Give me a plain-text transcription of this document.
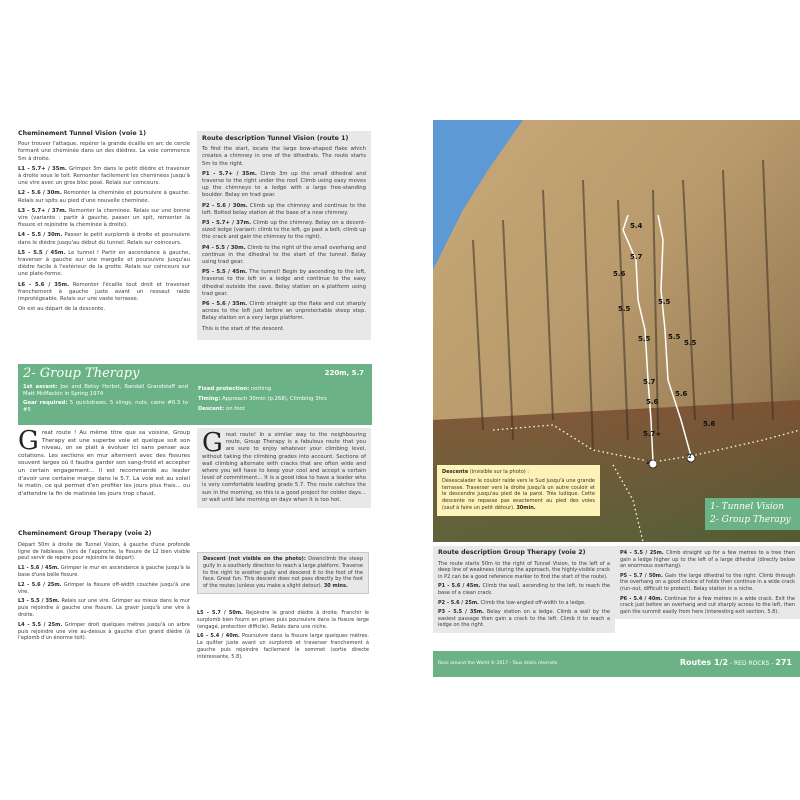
Cheminement Tunnel Vision (voie 1)

Pour trouver l'attaque, repérer la grande écaille en arc de cercle formant une cheminée dans un des dièdres. La voie commence 5m à droite.

L1 - 5.7+ / 35m. Grimper 3m dans le petit dièdre et traverser à droite sous le toit. Remonter facilement les cheminées jusqu'à une vire avec un gros bloc posé. Relais sur coinceurs.

L2 - 5.6 / 30m. Remonter la cheminée et poursuivre à gauche. Relais sur spits au pied d'une nouvelle cheminée.

L3 - 5.7+ / 37m. Remonter la cheminée. Relais sur une bonne vire (variante : partir à gauche, passer un spit, remonter la fissure et rejoindre la cheminée à droite).

L4 - 5.5 / 30m. Passer le petit surplomb à droite et poursuivre dans le dièdre jusqu'au début du tunnel. Relais sur coinceurs.

L5 - 5.5 / 45m. Le tunnel ! Partir en ascendance à gauche, traverser à gauche sur une margelle et poursuivre jusqu'au dièdre facile à l'extérieur de la grotte. Relais sur coinceurs sur une plate-forme.

L6 - 5.6 / 35m. Remonter l'écaille tout droit et traverser franchement à gauche juste avant un ressaut raide improtégeable. Relais sur une vaste terrasse.

On est au départ de la descente.

Route description Tunnel Vision (route 1)

To find the start, locate the large bow-shaped flake which creates a chimney in one of the dihedrals. The route starts 5m to the right.

P1 - 5.7+ / 35m. Climb 3m up the small dihedral and traverse to the right under the roof. Climb using easy moves up the chimneys to a ledge with a large free-standing boulder. Belay on trad gear.

P2 - 5.6 / 30m. Climb up the chimney and continue to the left. Bolted belay station at the base of a new chimney.

P3 - 5.7+ / 37m. Climb up the chimney. Belay on a decent-sized ledge (variant: climb to the left, go past a bolt, climb up the crack and gain the chimney to the right).

P4 - 5.5 / 30m. Climb to the right of the small overhang and continue in the dihedral to the start of the tunnel. Belay using trad gear.

P5 - 5.5 / 45m. The tunnel! Begin by ascending to the left, traverse to the left on a ledge and continue to the easy dihedral outside the cave. Belay station on a platform using trad gear.

P6 - 5.6 / 35m. Climb straight up the flake and cut sharply across to the left just before an unprotectable steep step. Belay station on a very large platform.

This is the start of the descent.

2- Group Therapy	220m, 5.7
1st ascent: Joe and Betsy Herbst, Randall Grandstaff and Matt McMackin in Spring 1974
Gear required: 5 quickdraws, 5 slings, nuts, cams #0.3 to #5
Fixed protection: nothing
Timing: Approach 30min (p.268), Climbing 3hrs
Descent: on foot
Great route ! Au même titre que sa voisine, Group Therapy est une superbe voie et quelque soit son niveau, on se plait à évoluer ici sans penser aux cotations. Les sections en mur alternent avec des fissures souvent larges où il faudra garder son sang-froid et accepter un certain engagement... Il est recommandé au leader d'avoir une certaine marge dans le 5.7. La voie est au soleil le matin, ce qui permet d'en profiter les jours plus frais... ou d'attendre la fin de matinée les jours trop chaud.
Great route! In a similar way to the neighbouring route, Group Therapy is a fabulous route that you are sure to enjoy whatever your climbing level, without taking the climbing grades into account. Sections of wall climbing alternate with cracks that are often wide and where you will have to keep your cool and accept a certain level of commitment... It is a good idea to have a leader who is very comfortable leading grade 5.7. The route catches the sun in the morning, so this is a good project for colder days... or wait until late morning on days when it is too hot.
Cheminement Group Therapy (voie 2)

Départ 50m à droite de Tunnel Vision, à gauche d'une profonde ligne de faiblesse. (lors de l'approche, la fissure de L2 bien visible peut servir de repère pour rejoindre le départ).

L1 - 5.6 / 45m. Grimper le mur en ascendance à gauche jusqu'à la base d'une belle fissure.

L2 - 5.6 / 25m. Grimper la fissure off-width couchée jusqu'à une vire.

L3 - 5.5 / 35m. Relais sur une vire. Grimper au mieux dans le mur puis rejoindre à gauche une fissure. La gravir jusqu'à une vire à droite.

L4 - 5.5 / 25m. Grimper droit quelques mètres jusqu'à un arbre puis rejoindre une vire au-dessus à gauche d'un grand dièdre (à l'aplomb d'un énorme toit).

Descent (not visible on the photo): Downclimb the steep gully in a southerly direction to reach a large platform. Traverse to the right to another gully and descend it to the foot of the face. Great fun. This descent does not pass directly by the foot of the routes (unless you make a slight detour). 30 mins.

L5 - 5.7 / 50m. Rejoindre le grand dièdre à droite. Franchir le surplomb bien fourni en prises puis poursuivre dans la fissure large (engagé, protection difficile). Relais dans une niche.

L6 - 5.4 / 40m. Poursuivre dans la fissure large quelques mètres. La quitter juste avant un surplomb et traverser franchement à gauche puis rejoindre facilement le sommet (sortie directe intéressante, 5.8).

1
2
5.4
5.7
5.6
5.5
5.5
5.5
5.5
5.5
5.7
5.6
5.7+
5.6
5.6
Descente (invisible sur la photo) :
Désescalader le couloir raide vers le Sud jusqu'à une grande terrasse. Traverser vers la droite jusqu'à un autre couloir et le descendre jusqu'au pied de la paroi. Très ludique. Cette descente ne repasse pas exactement au pied des voies (sauf à faire un petit détour). 30min.	1- Tunnel Vision
2- Group Therapy
Route description Group Therapy (voie 2)

The route starts 50m to the right of Tunnel Vision, to the left of a deep line of weakness (during the approach, the highly-visible crack in P2 can be a good reference marker to find the start of the route).

P1 - 5.6 / 45m. Climb the wall, ascending to the left, to reach the base of a clean crack.

P2 - 5.6 / 25m. Climb the low-angled off-width to a ledge.

P3 - 5.5 / 35m. Belay station on a ledge. Climb a wall by the easiest passage then gain a crack to the left. Climb it to reach a ledge on the right.

P4 - 5.5 / 25m. Climb straight up for a few metres to a tree then gain a ledge higher up to the left of a large dihedral (directly below an enormous overhang).

P5 - 5.7 / 50m. Gain the large dihedral to the right. Climb through the overhang on a good choice of holds then continue in a wide crack (run-out, difficult to protect). Belay station in a niche.

P6 - 5.4 / 40m. Continue for a few metres in a wide crack. Exit the crack just before an overhang and cut sharply across to the left, then gain the summit easily from here (interesting exit section, 5.8).

Rock around the World © 2017 - Tous droits réservés	Routes 1/2 - RED ROCKS - 271
